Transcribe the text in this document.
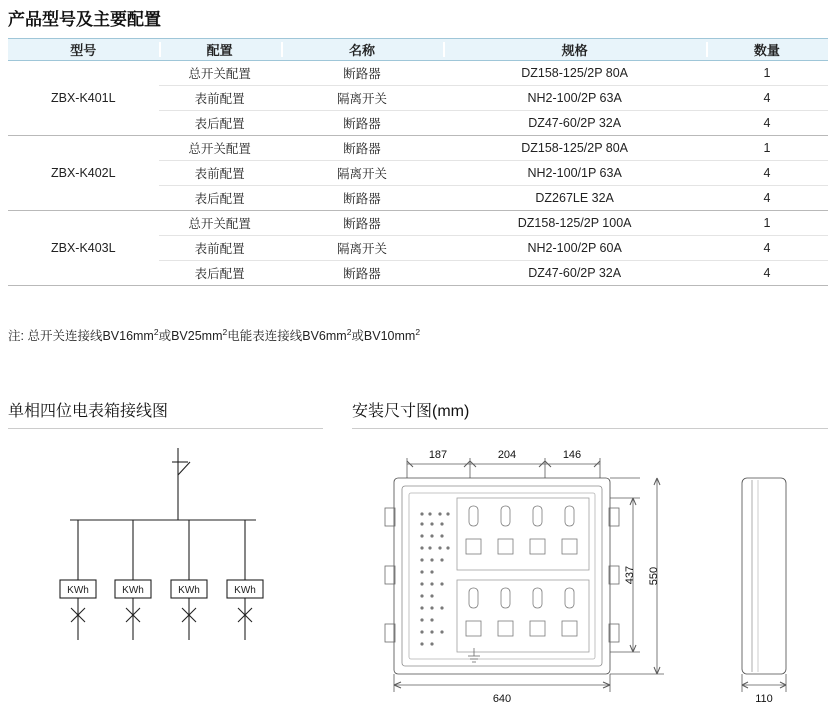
产品型号及主要配置
型号	配置	名称	规格	数量
ZBX-K401L	总开关配置	断路器	DZ158-125/2P 80A	1
	表前配置	隔离开关	NH2-100/2P 63A	4
	表后配置	断路器	DZ47-60/2P 32A	4
ZBX-K402L	总开关配置	断路器	DZ158-125/2P 80A	1
	表前配置	隔离开关	NH2-100/1P 63A	4
	表后配置	断路器	DZ267LE 32A	4
ZBX-K403L	总开关配置	断路器	DZ158-125/2P 100A	1
	表前配置	隔离开关	NH2-100/2P 60A	4
	表后配置	断路器	DZ47-60/2P 32A	4
注: 总开关连接线$BV16mm^2$或$BV25mm^2$电能表连接线$BV6mm^2$或$BV10mm^2$
单相四位电表箱接线图	安装尺寸图(mm)
KWh	KWh	KWh	KWh
187	204	146
640	110
437 550
